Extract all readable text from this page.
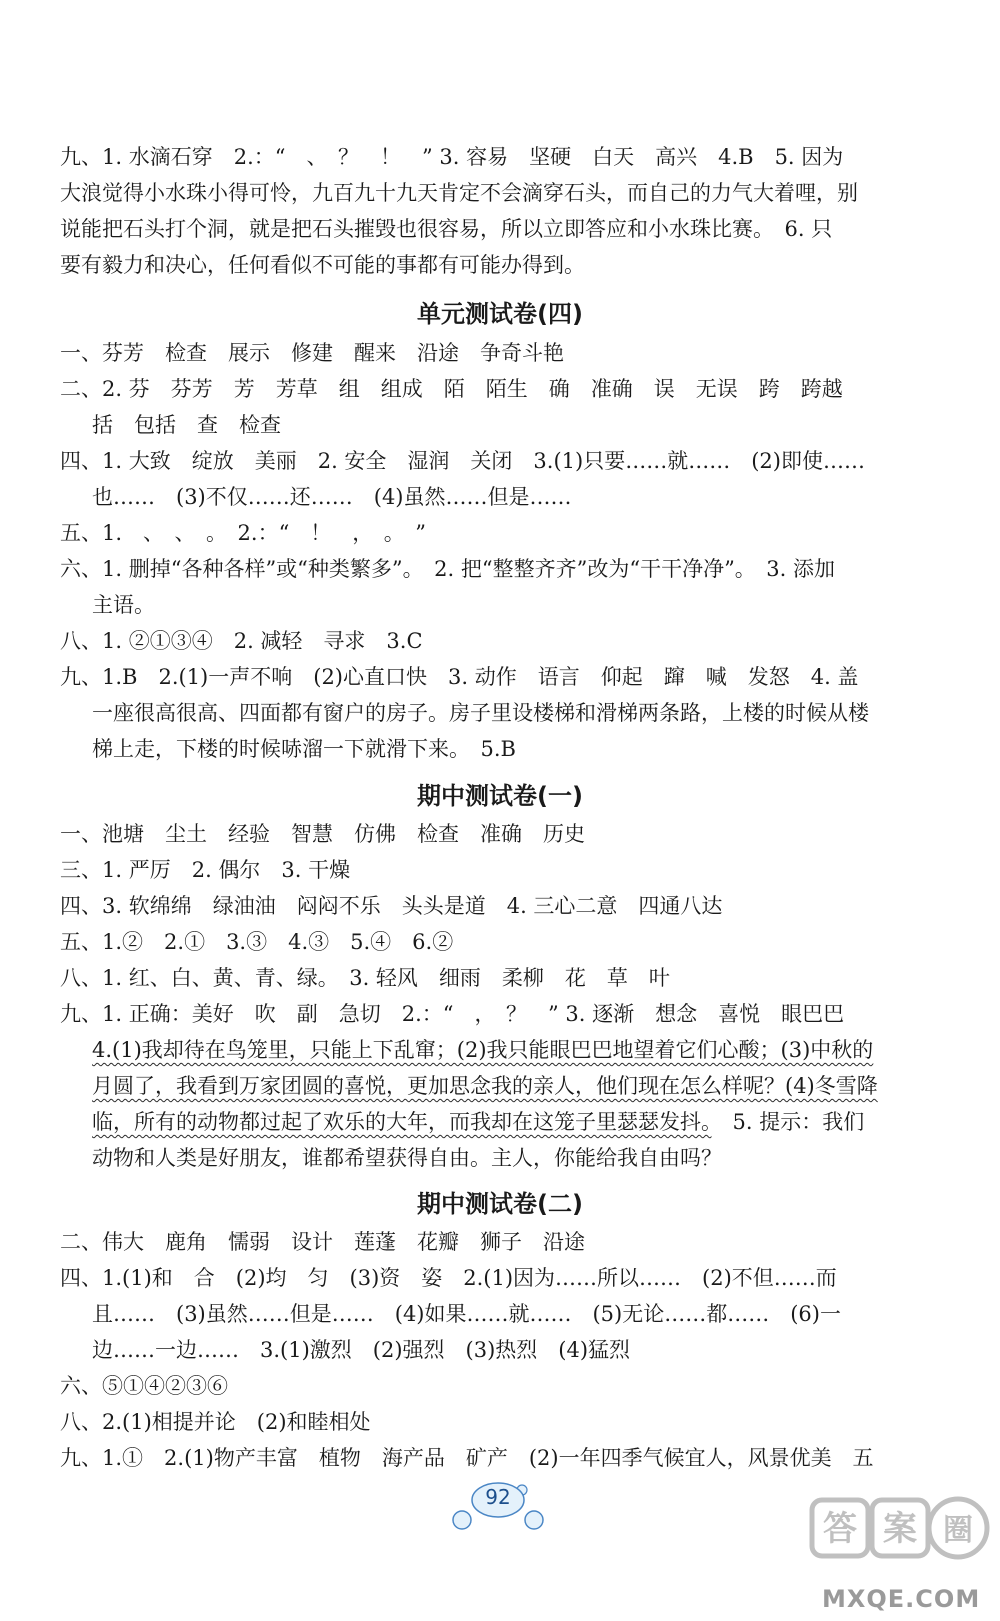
九、1. 水滴石穿　2.：“　、　？　！　” 3. 容易　坚硬　白天　高兴　4.B　5. 因为
大浪觉得小水珠小得可怜，九百九十九天肯定不会滴穿石头，而自己的力气大着哩，别
说能把石头打个洞，就是把石头摧毁也很容易，所以立即答应和小水珠比赛。　6. 只
要有毅力和决心，任何看似不可能的事都有可能办得到。
单元测试卷(四)
一、芬芳　检查　展示　修建　醒来　沿途　争奇斗艳
二、2. 芬　芬芳　芳　芳草　组　组成　陌　陌生　确　准确　误　无误　跨　跨越
括　包括　查　检查
四、1. 大致　绽放　美丽　2. 安全　湿润　关闭　3.(1)只要……就……　(2)即使……
也……　(3)不仅……还……　(4)虽然……但是……
五、1.　、　、　。　2.：“　！　，　。　”
六、1. 删掉“各种各样”或“种类繁多”。　2. 把“整整齐齐”改为“干干净净”。　3. 添加
主语。
八、1. ②①③④　2. 减轻　寻求　3.C
九、1.B　2.(1)一声不响　(2)心直口快　3. 动作　语言　仰起　蹿　喊　发怒　4. 盖
一座很高很高、四面都有窗户的房子。房子里设楼梯和滑梯两条路，上楼的时候从楼
梯上走，下楼的时候哧溜一下就滑下来。　5.B
期中测试卷(一)
一、池塘　尘土　经验　智慧　仿佛　检查　准确　历史
三、1. 严厉　2. 偶尔　3. 干燥
四、3. 软绵绵　绿油油　闷闷不乐　头头是道　4. 三心二意　四通八达
五、1.②　2.①　3.③　4.③　5.④　6.②
八、1. 红、白、黄、青、绿。　3. 轻风　细雨　柔柳　花　草　叶
九、1. 正确：美好　吹　副　急切　2.：“　，　？　” 3. 逐渐　想念　喜悦　眼巴巴
4.(1)我却待在鸟笼里，只能上下乱窜；(2)我只能眼巴巴地望着它们心酸；(3)中秋的
月圆了，我看到万家团圆的喜悦，更加思念我的亲人，他们现在怎么样呢？(4)冬雪降
临，所有的动物都过起了欢乐的大年，而我却在这笼子里瑟瑟发抖。　5. 提示：我们
动物和人类是好朋友，谁都希望获得自由。主人，你能给我自由吗？
期中测试卷(二)
二、伟大　鹿角　懦弱　设计　莲蓬　花瓣　狮子　沿途
四、1.(1)和　合　(2)均　匀　(3)资　姿　2.(1)因为……所以……　(2)不但……而
且……　(3)虽然……但是……　(4)如果……就……　(5)无论……都……　(6)一
边……一边……　3.(1)激烈　(2)强烈　(3)热烈　(4)猛烈
六、⑤①④②③⑥
八、2.(1)相提并论　(2)和睦相处
九、1.①　2.(1)物产丰富　植物　海产品　矿产　(2)一年四季气候宜人，风景优美　五
92
答 案 圈
MXQE.COM
